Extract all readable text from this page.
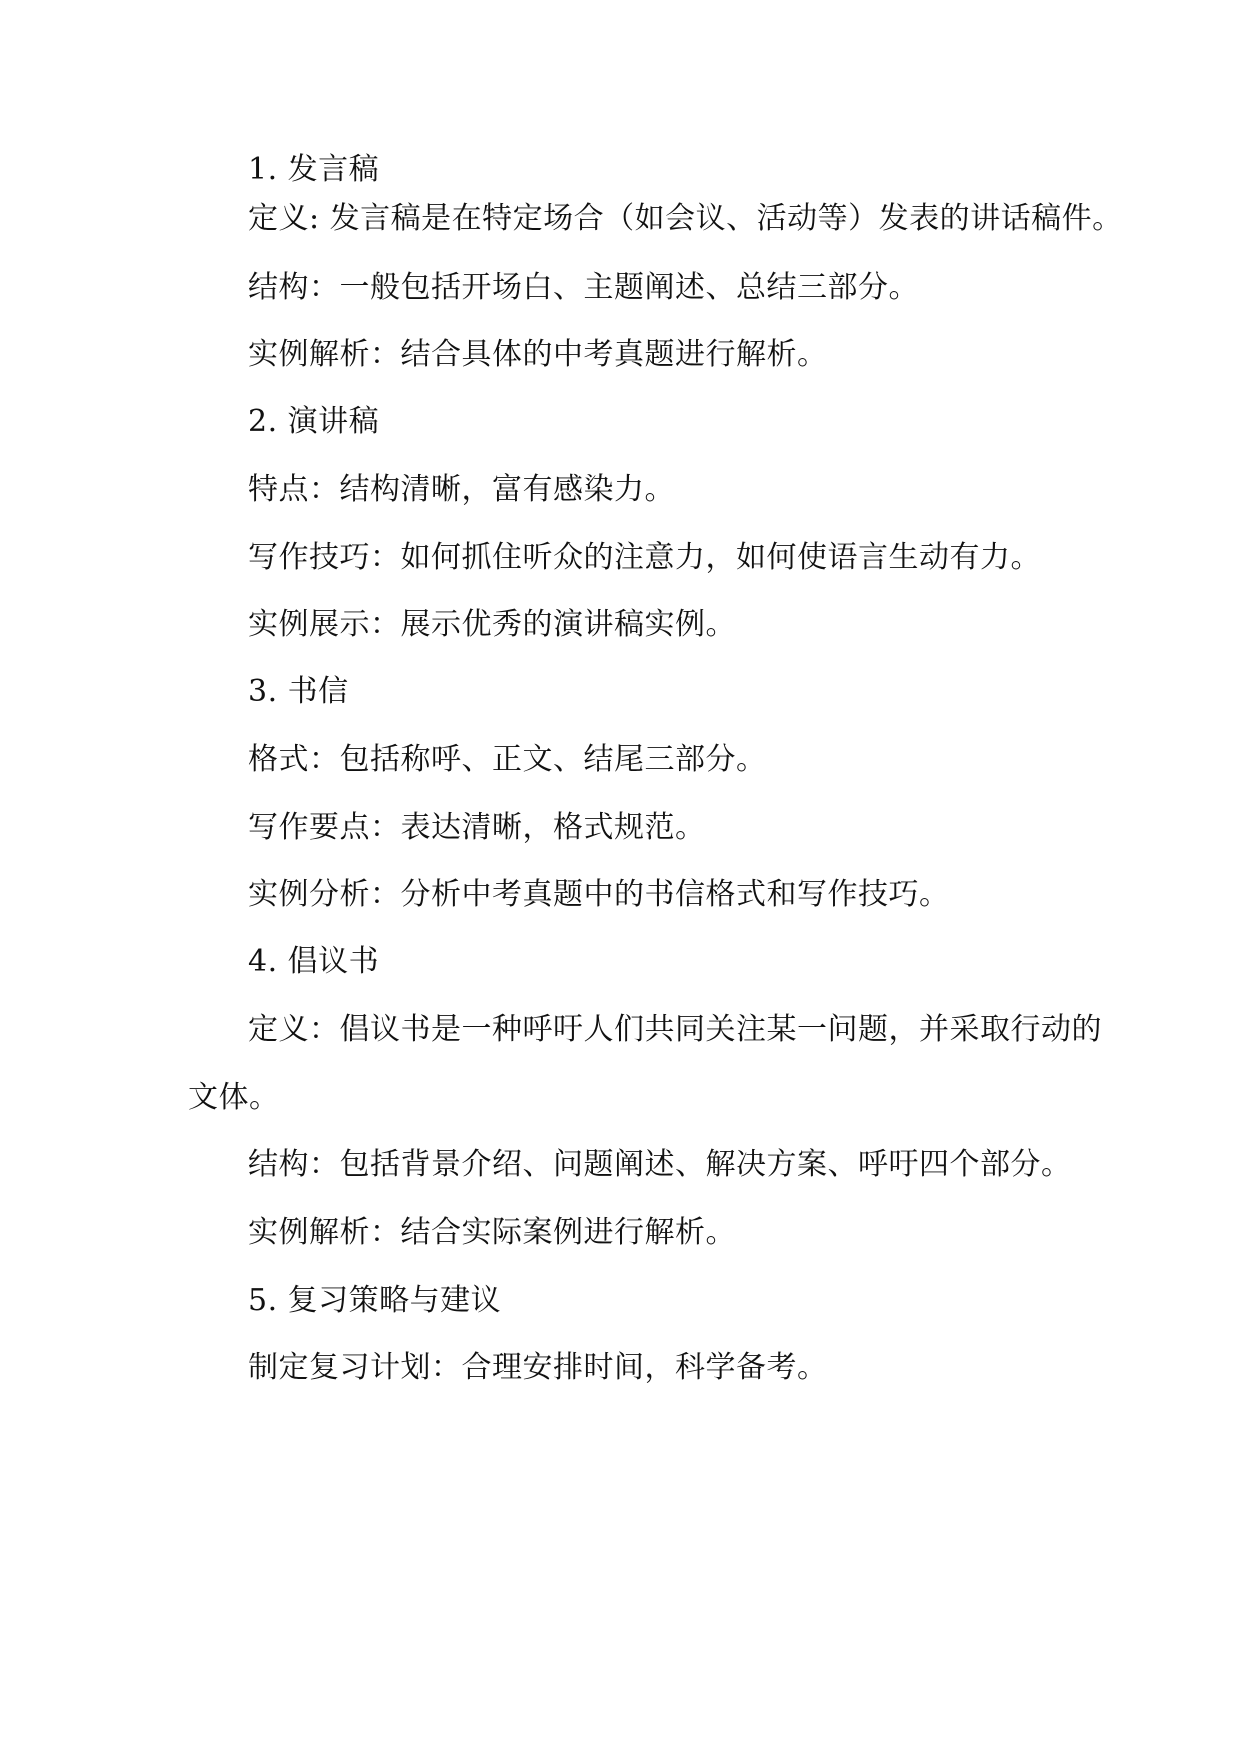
1. 发言稿
定义: 发言稿是在特定场合（如会议、活动等）发表的讲话稿件。
结构：一般包括开场白、主题阐述、总结三部分。
实例解析：结合具体的中考真题进行解析。
2. 演讲稿
特点：结构清晰，富有感染力。
写作技巧：如何抓住听众的注意力，如何使语言生动有力。
实例展示：展示优秀的演讲稿实例。
3. 书信
格式：包括称呼、正文、结尾三部分。
写作要点：表达清晰，格式规范。
实例分析：分析中考真题中的书信格式和写作技巧。
4. 倡议书
定义：倡议书是一种呼吁人们共同关注某一问题，并采取行动的
文体。
结构：包括背景介绍、问题阐述、解决方案、呼吁四个部分。
实例解析：结合实际案例进行解析。
5. 复习策略与建议
制定复习计划：合理安排时间，科学备考。
